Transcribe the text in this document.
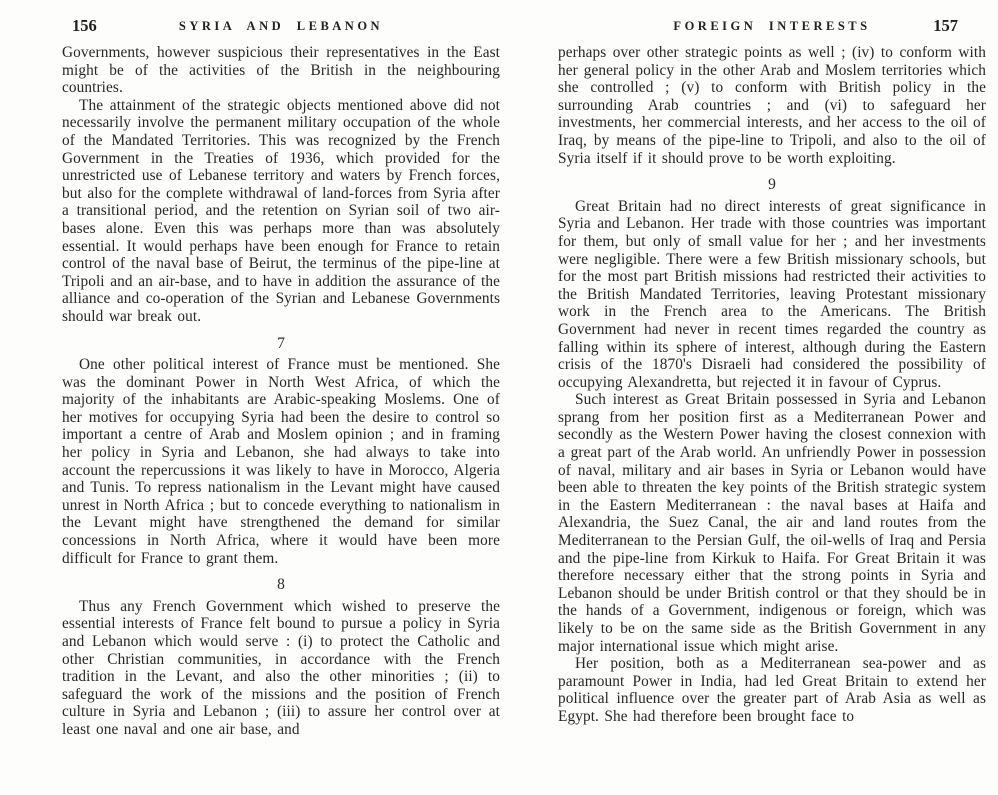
156	SYRIA AND LEBANON

Governments, however suspicious their representatives in the East might be of the activities of the British in the neighbouring countries.

The attainment of the strategic objects mentioned above did not necessarily involve the permanent military occupation of the whole of the Mandated Territories. This was recognized by the French Government in the Treaties of 1936, which provided for the unrestricted use of Lebanese territory and waters by French forces, but also for the complete withdrawal of land-forces from Syria after a transitional period, and the retention on Syrian soil of two air-bases alone. Even this was perhaps more than was absolutely essential. It would perhaps have been enough for France to retain control of the naval base of Beirut, the terminus of the pipe-line at Tripoli and an air-base, and to have in addition the assurance of the alliance and co-operation of the Syrian and Lebanese Governments should war break out.

7

One other political interest of France must be mentioned. She was the dominant Power in North West Africa, of which the majority of the inhabitants are Arabic-speaking Moslems. One of her motives for occupying Syria had been the desire to control so important a centre of Arab and Moslem opinion ; and in framing her policy in Syria and Lebanon, she had always to take into account the repercussions it was likely to have in Morocco, Algeria and Tunis. To repress nationalism in the Levant might have caused unrest in North Africa ; but to concede everything to nationalism in the Levant might have strengthened the demand for similar concessions in North Africa, where it would have been more difficult for France to grant them.

8

Thus any French Government which wished to preserve the essential interests of France felt bound to pursue a policy in Syria and Lebanon which would serve : (i) to protect the Catholic and other Christian communities, in accordance with the French tradition in the Levant, and also the other minorities ; (ii) to safeguard the work of the missions and the position of French culture in Syria and Lebanon ; (iii) to assure her control over at least one naval and one air base, and

FOREIGN INTERESTS	157

perhaps over other strategic points as well ; (iv) to conform with her general policy in the other Arab and Moslem territories which she controlled ; (v) to conform with British policy in the surrounding Arab countries ; and (vi) to safeguard her investments, her commercial interests, and her access to the oil of Iraq, by means of the pipe-line to Tripoli, and also to the oil of Syria itself if it should prove to be worth exploiting.

9

Great Britain had no direct interests of great significance in Syria and Lebanon. Her trade with those countries was important for them, but only of small value for her ; and her investments were negligible. There were a few British missionary schools, but for the most part British missions had restricted their activities to the British Mandated Territories, leaving Protestant missionary work in the French area to the Americans. The British Government had never in recent times regarded the country as falling within its sphere of interest, although during the Eastern crisis of the 1870's Disraeli had considered the possibility of occupying Alexandretta, but rejected it in favour of Cyprus.

Such interest as Great Britain possessed in Syria and Lebanon sprang from her position first as a Mediterranean Power and secondly as the Western Power having the closest connexion with a great part of the Arab world. An unfriendly Power in possession of naval, military and air bases in Syria or Lebanon would have been able to threaten the key points of the British strategic system in the Eastern Mediterranean : the naval bases at Haifa and Alexandria, the Suez Canal, the air and land routes from the Mediterranean to the Persian Gulf, the oil-wells of Iraq and Persia and the pipe-line from Kirkuk to Haifa. For Great Britain it was therefore necessary either that the strong points in Syria and Lebanon should be under British control or that they should be in the hands of a Government, indigenous or foreign, which was likely to be on the same side as the British Government in any major international issue which might arise.

Her position, both as a Mediterranean sea-power and as paramount Power in India, had led Great Britain to extend her political influence over the greater part of Arab Asia as well as Egypt. She had therefore been brought face to
